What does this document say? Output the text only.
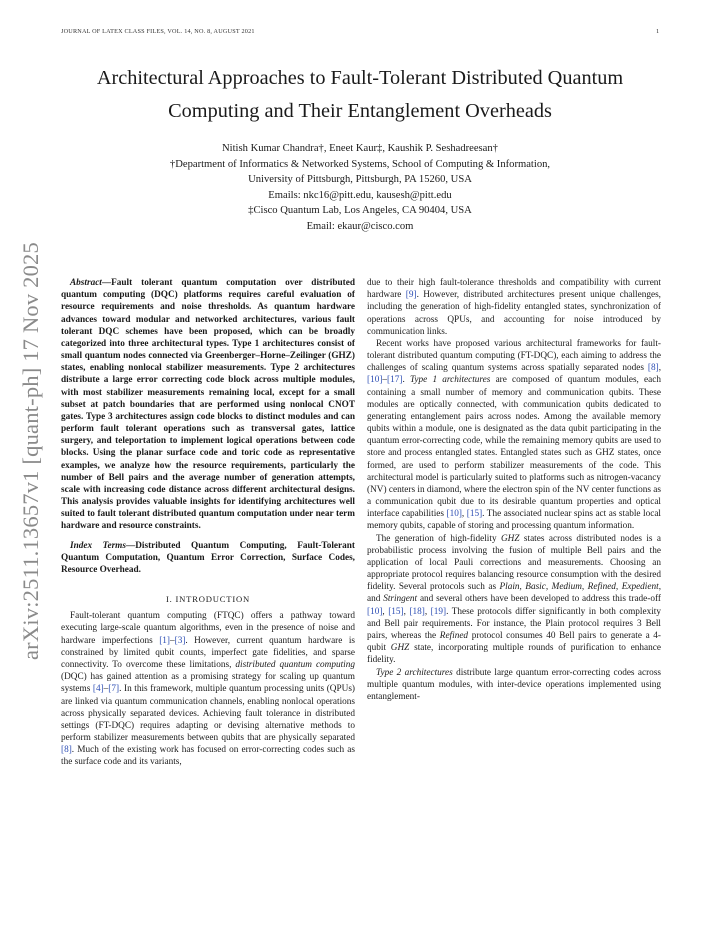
JOURNAL OF LATEX CLASS FILES, VOL. 14, NO. 8, AUGUST 2021	1
arXiv:2511.13657v1 [quant-ph] 17 Nov 2025
Architectural Approaches to Fault-Tolerant Distributed Quantum
Computing and Their Entanglement Overheads
Nitish Kumar Chandra†, Eneet Kaur‡, Kaushik P. Seshadreesan†
†Department of Informatics & Networked Systems, School of Computing & Information,
University of Pittsburgh, Pittsburgh, PA 15260, USA
Emails: nkc16@pitt.edu, kausesh@pitt.edu
‡Cisco Quantum Lab, Los Angeles, CA 90404, USA
Email: ekaur@cisco.com

Abstract—Fault tolerant quantum computation over distributed quantum computing (DQC) platforms requires careful evaluation of resource requirements and noise thresholds. As quantum hardware advances toward modular and networked architectures, various fault tolerant DQC schemes have been proposed, which can be broadly categorized into three architectural types. Type 1 architectures consist of small quantum nodes connected via Greenberger–Horne–Zeilinger (GHZ) states, enabling nonlocal stabilizer measurements. Type 2 architectures distribute a large error correcting code block across multiple modules, with most stabilizer measurements remaining local, except for a small subset at patch boundaries that are performed using nonlocal CNOT gates. Type 3 architectures assign code blocks to distinct modules and can perform fault tolerant operations such as transversal gates, lattice surgery, and teleportation to implement logical operations between code blocks. Using the planar surface code and toric code as representative examples, we analyze how the resource requirements, particularly the number of Bell pairs and the average number of generation attempts, scale with increasing code distance across different architectural designs. This analysis provides valuable insights for identifying architectures well suited to fault tolerant distributed quantum computation under near term hardware and resource constraints.

Index Terms—Distributed Quantum Computing, Fault-Tolerant Quantum Computation, Quantum Error Correction, Surface Codes, Resource Overhead.

I. INTRODUCTION

Fault-tolerant quantum computing (FTQC) offers a pathway toward executing large-scale quantum algorithms, even in the presence of noise and hardware imperfections [1]–[3]. However, current quantum hardware is constrained by limited qubit counts, imperfect gate fidelities, and sparse connectivity. To overcome these limitations, distributed quantum computing (DQC) has gained attention as a promising strategy for scaling up quantum systems [4]–[7]. In this framework, multiple quantum processing units (QPUs) are linked via quantum communication channels, enabling nonlocal operations across physically separated devices. Achieving fault tolerance in distributed settings (FT-DQC) requires adapting or devising alternative methods to perform stabilizer measurements between qubits that are physically separated [8]. Much of the existing work has focused on error-correcting codes such as the surface code and its variants,

due to their high fault-tolerance thresholds and compatibility with current hardware [9]. However, distributed architectures present unique challenges, including the generation of high-fidelity entangled states, synchronization of operations across QPUs, and accounting for noise introduced by communication links.

Recent works have proposed various architectural frameworks for fault-tolerant distributed quantum computing (FT-DQC), each aiming to address the challenges of scaling quantum systems across spatially separated nodes [8], [10]–[17]. Type 1 architectures are composed of quantum modules, each containing a small number of memory and communication qubits. These modules are optically connected, with communication qubits dedicated to generating entanglement pairs across nodes. Among the available memory qubits within a module, one is designated as the data qubit participating in the quantum error-correcting code, while the remaining memory qubits are used to store and process entangled states. Entangled states such as GHZ states, once formed, are used to perform stabilizer measurements of the code. This architectural model is particularly suited to platforms such as nitrogen-vacancy (NV) centers in diamond, where the electron spin of the NV center functions as a communication qubit due to its desirable quantum properties and optical interface capabilities [10], [15]. The associated nuclear spins act as stable local memory qubits, capable of storing and processing quantum information.

The generation of high-fidelity GHZ states across distributed nodes is a probabilistic process involving the fusion of multiple Bell pairs and the application of local Pauli corrections and measurements. Choosing an appropriate protocol requires balancing resource consumption with the desired fidelity. Several protocols such as Plain, Basic, Medium, Refined, Expedient, and Stringent and several others have been developed to address this trade-off [10], [15], [18], [19]. These protocols differ significantly in both complexity and Bell pair requirements. For instance, the Plain protocol requires 3 Bell pairs, whereas the Refined protocol consumes 40 Bell pairs to generate a 4-qubit GHZ state, incorporating multiple rounds of purification to enhance fidelity.

Type 2 architectures distribute large quantum error-correcting codes across multiple quantum modules, with inter-device operations implemented using entanglement-
